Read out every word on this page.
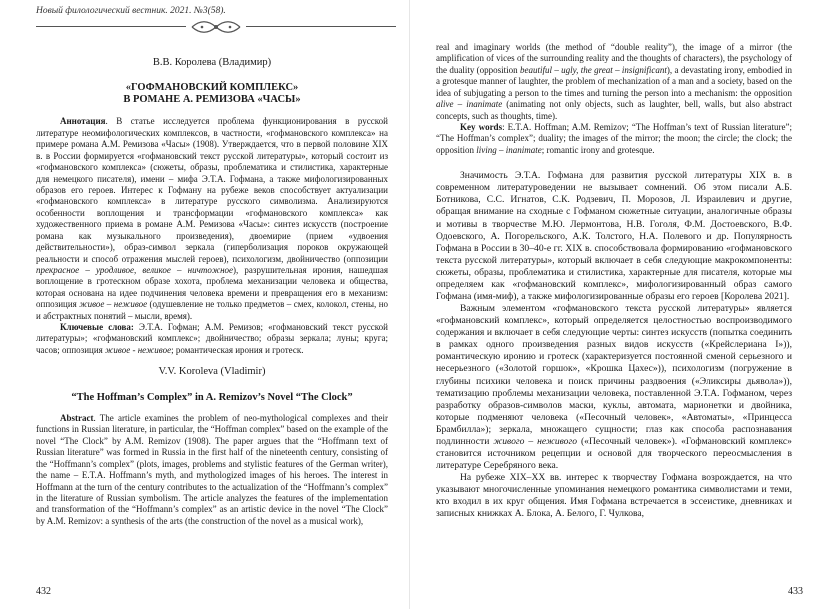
Новый филологический вестник. 2021. №3(58).
В.В. Королева (Владимир)
«ГОФМАНОВСКИЙ КОМПЛЕКС»
В РОМАНЕ А. РЕМИЗОВА «ЧАСЫ»

Аннотация. В статье исследуется проблема функционирования в русской литературе неомифологических комплексов, в частности, «гофмановского комплекса» на примере романа А.М. Ремизова «Часы» (1908). Утверждается, что в первой половине XIX в. в России формируется «гофмановский текст русской литературы», который состоит из «гофмановского комплекса» (сюжеты, образы, проблематика и стилистика, характерные для немецкого писателя), имени – мифа Э.Т.А. Гофмана, а также мифологизированных образов его героев. Интерес к Гофману на рубеже веков способствует актуализации «гофмановского комплекса» в литературе русского символизма. Анализируются особенности воплощения и трансформации «гофмановского комплекса» как художественного приема в романе А.М. Ремизова «Часы»: синтез искусств (построение романа как музыкального произведения), двоемирие (прием «удвоения действительности»), образ-символ зеркала (гиперболизация пороков окружающей реальности и способ отражения мыслей героев), психологизм, двойничество (оппозиции прекрасное – уродливое, великое – ничтожное), разрушительная ирония, нашедшая воплощение в гротескном образе хохота, проблема механизации человека и общества, которая основана на идее подчинения человека времени и превращения его в механизм: оппозиция живое – неживое (одушевление не только предметов – смех, колокол, стены, но и абстрактных понятий – мысли, время).

Ключевые слова: Э.Т.А. Гофман; А.М. Ремизов; «гофмановский текст русской литературы»; «гофмановский комплекс»; двойничество; образы зеркала; луны; круга; часов; оппозиция живое - неживое; романтическая ирония и гротеск.

V.V. Koroleva (Vladimir)
“The Hoffman’s Complex” in A. Remizov’s Novel “The Clock”

Abstract. The article examines the problem of neo-mythological complexes and their functions in Russian literature, in particular, the “Hoffman complex” based on the example of the novel “The Clock” by A.M. Remizov (1908). The paper argues that the “Hoffmann text of Russian literature” was formed in Russia in the first half of the nineteenth century, consisting of the “Hoffmann’s complex” (plots, images, problems and stylistic features of the German writer), the name – E.T.A. Hoffmann’s myth, and mythologized images of his heroes. The interest in Hoffmann at the turn of the century contributes to the actualization of the “Hoffmann’s complex” in the literature of Russian symbolism. The article analyzes the features of the implementation and transformation of the “Hoffmann’s complex” as an artistic device in the novel “The Clock” by A.M. Remizov: a synthesis of the arts (the construction of the novel as a musical work),

432

real and imaginary worlds (the method of “double reality”), the image of a mirror (the amplification of vices of the surrounding reality and the thoughts of characters), the psychology of the duality (opposition beautiful – ugly, the great – insignificant), a devastating irony, embodied in a grotesque manner of laughter, the problem of mechanization of a man and a society, based on the idea of subjugating a person to the times and turning the person into a mechanism: the opposition alive – inanimate (animating not only objects, such as laughter, bell, walls, but also abstract concepts, such as thoughts, time).

Key words: E.T.A. Hoffman; A.M. Remizov; “The Hoffman’s text of Russian literature”; “The Hoffman’s complex”; duality; the images of the mirror; the moon; the circle; the clock; the opposition living – inanimate; romantic irony and grotesque.

Значимость Э.Т.А. Гофмана для развития русской литературы XIX в. в современном литературоведении не вызывает сомнений. Об этом писали А.Б. Ботникова, С.С. Игнатов, С.К. Родзевич, П. Морозов, Л. Израилевич и другие, обращая внимание на сходные с Гофманом сюжетные ситуации, аналогичные образы и мотивы в творчестве М.Ю. Лермонтова, Н.В. Гоголя, Ф.М. Достоевского, В.Ф. Одоевского, А. Погорельского, А.К. Толстого, Н.А. Полевого и др. Популярность Гофмана в России в 30–40-е гг. XIX в. способствовала формированию «гофмановского текста русской литературы», который включает в себя следующие макрокомпоненты: сюжеты, образы, проблематика и стилистика, характерные для писателя, которые мы определяем как «гофмановский комплекс», мифологизированный образ самого Гофмана (имя-миф), а также мифологизированные образы его героев [Королева 2021].

Важным элементом «гофмановского текста русской литературы» является «гофмановский комплекс», который определяется целостностью воспроизводимого содержания и включает в себя следующие черты: синтез искусств (попытка соединить в рамках одного произведения разных видов искусств («Крейслериана I»)), романтическую иронию и гротеск (характеризуется постоянной сменой серьезного и несерьезного («Золотой горшок», «Крошка Цахес»)), психологизм (погружение в глубины психики человека и поиск причины раздвоения («Эликсиры дьявола»)), тематизацию проблемы механизации человека, поставленной Э.Т.А. Гофманом, через разработку образов-символов маски, куклы, автомата, марионетки и двойника, которые подменяют человека («Песочный человек», «Автоматы», «Принцесса Брамбилла»); зеркала, множащего сущности; глаз как способа распознавания подлинности живого – неживого («Песочный человек»). «Гофмановский комплекс» становится источником рецепции и основой для творческого переосмысления в литературе Серебряного века.

На рубеже XIX–XX вв. интерес к творчеству Гофмана возрождается, на что указывают многочисленные упоминания немецкого романтика символистами и теми, кто входил в их круг общения. Имя Гофмана встречается в эссеистике, дневниках и записных книжках А. Блока, А. Белого, Г. Чулкова,

433
